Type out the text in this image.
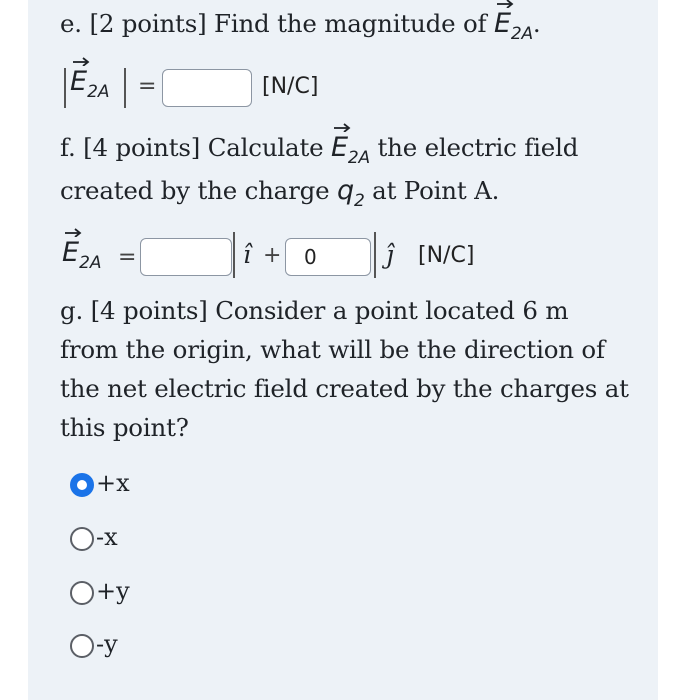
e. [2 points] Find the magnitude of $E_{2A}$.
E2A =	[N/C]
f. [4 points] Calculate $E_{2A}$ the electric field
created by the charge $q_2$ at Point A.
E2A =	î +	0	ĵ [N/C]
g. [4 points] Consider a point located 6 m
from the origin, what will be the direction of
the net electric field created by the charges at
this point?
+x
-x
+y
-y
